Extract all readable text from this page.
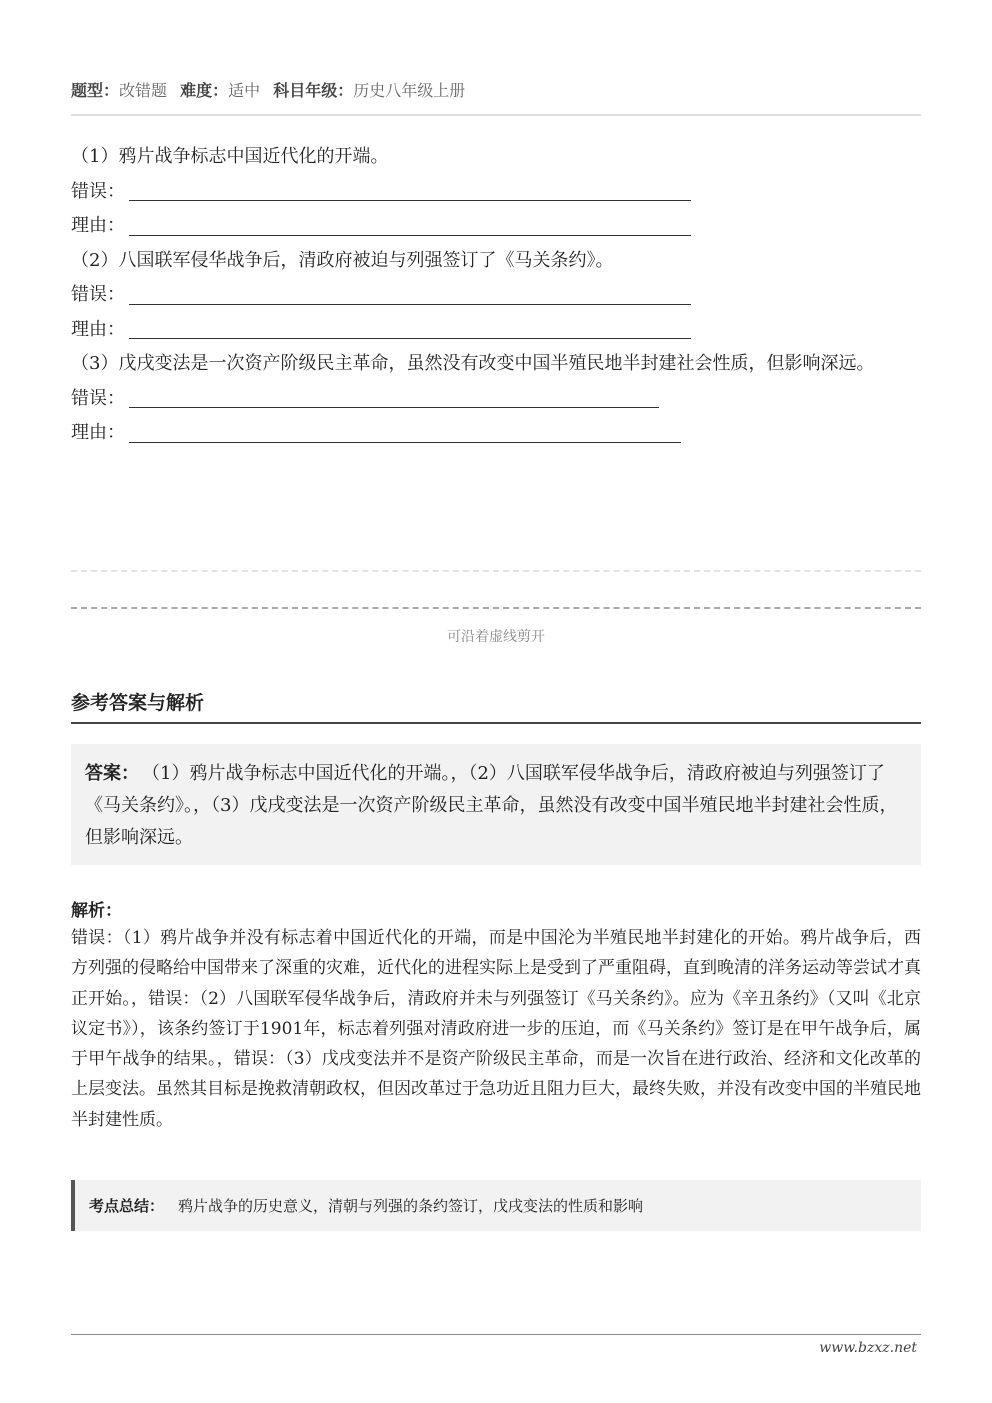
题型：改错题 难度：适中 科目年级：历史八年级上册
（1）鸦片战争标志中国近代化的开端。
错误：
理由：
（2）八国联军侵华战争后，清政府被迫与列强签订了《马关条约》。
错误：
理由：
（3）戊戌变法是一次资产阶级民主革命，虽然没有改变中国半殖民地半封建社会性质，但影响深远。
错误：
理由：
可沿着虚线剪开
参考答案与解析
答案： （1）鸦片战争标志中国近代化的开端。，（2）八国联军侵华战争后，清政府被迫与列强签订了《马关条约》。，（3）戊戌变法是一次资产阶级民主革命，虽然没有改变中国半殖民地半封建社会性质，但影响深远。
解析：
错误：（1）鸦片战争并没有标志着中国近代化的开端，而是中国沦为半殖民地半封建化的开始。鸦片战争后，西方列强的侵略给中国带来了深重的灾难，近代化的进程实际上是受到了严重阻碍，直到晚清的洋务运动等尝试才真正开始。，错误：（2）八国联军侵华战争后，清政府并未与列强签订《马关条约》。应为《辛丑条约》（又叫《北京议定书》），该条约签订于1901年，标志着列强对清政府进一步的压迫，而《马关条约》签订是在甲午战争后，属于甲午战争的结果。，错误：（3）戊戌变法并不是资产阶级民主革命，而是一次旨在进行政治、经济和文化改革的上层变法。虽然其目标是挽救清朝政权，但因改革过于急功近且阻力巨大，最终失败，并没有改变中国的半殖民地半封建性质。
考点总结： 鸦片战争的历史意义，清朝与列强的条约签订，戊戌变法的性质和影响
www.bzxz.net
